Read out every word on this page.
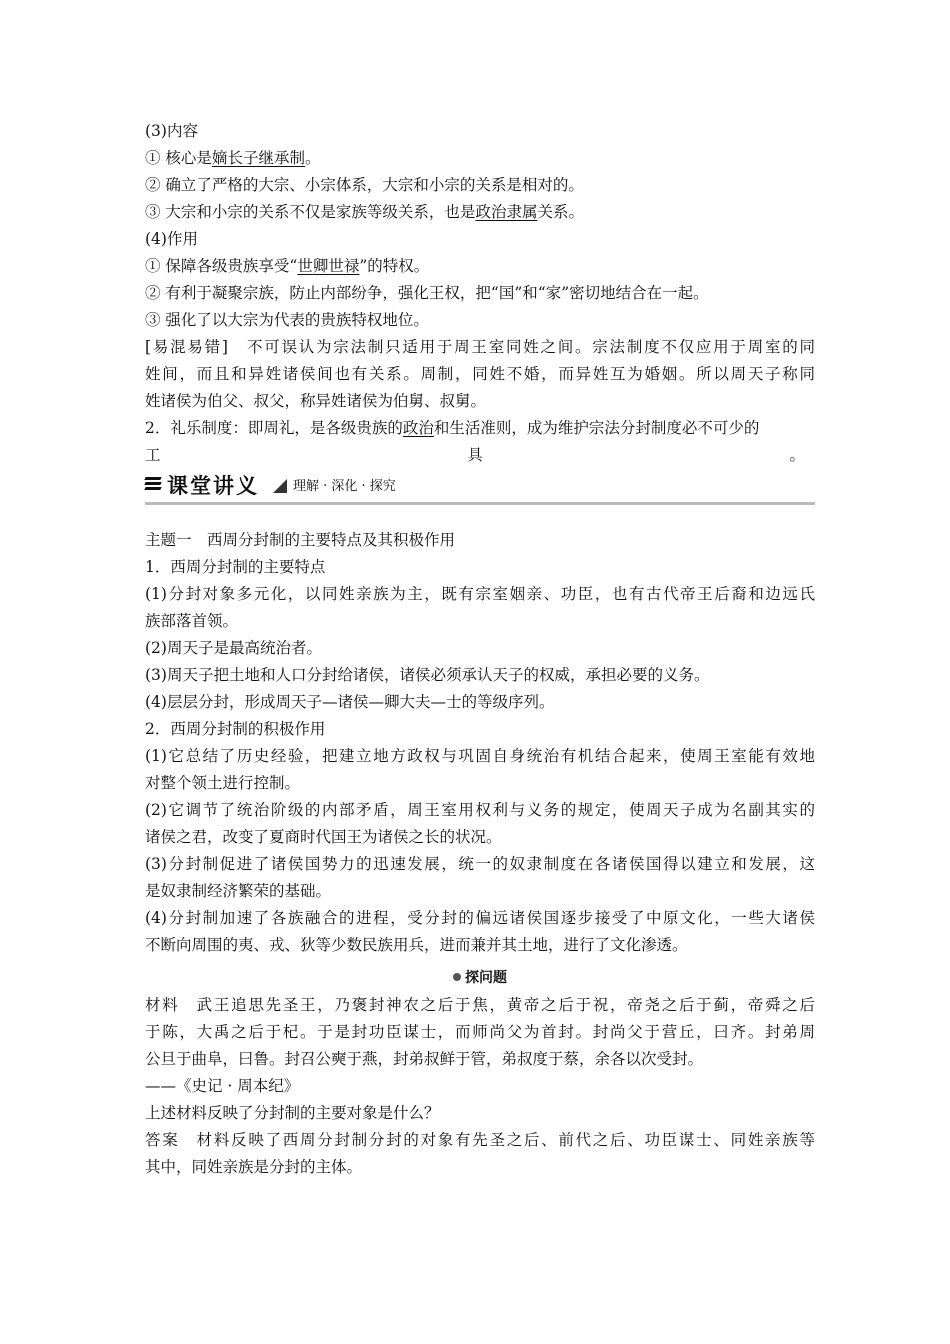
(3)内容
① 核心是嫡长子继承制。
② 确立了严格的大宗、小宗体系，大宗和小宗的关系是相对的。
③ 大宗和小宗的关系不仅是家族等级关系，也是政治隶属关系。
(4)作用
① 保障各级贵族享受“世卿世禄”的特权。
② 有利于凝聚宗族，防止内部纷争，强化王权，把“国”和“家”密切地结合在一起。
③ 强化了以大宗为代表的贵族特权地位。
[易混易错]　不可误认为宗法制只适用于周王室同姓之间。宗法制度不仅应用于周室的同
姓间，而且和异姓诸侯间也有关系。周制，同姓不婚，而异姓互为婚姻。所以周天子称同
姓诸侯为伯父、叔父，称异姓诸侯为伯舅、叔舅。
2．礼乐制度：即周礼，是各级贵族的政治和生活准则，成为维护宗法分封制度必不可少的
工	具	。
课堂讲义	理解 · 深化 · 探究
主题一　西周分封制的主要特点及其积极作用
1．西周分封制的主要特点
(1)分封对象多元化，以同姓亲族为主，既有宗室姻亲、功臣，也有古代帝王后裔和边远氏
族部落首领。
(2)周天子是最高统治者。
(3)周天子把土地和人口分封给诸侯，诸侯必须承认天子的权威，承担必要的义务。
(4)层层分封，形成周天子—诸侯—卿大夫—士的等级序列。
2．西周分封制的积极作用
(1)它总结了历史经验，把建立地方政权与巩固自身统治有机结合起来，使周王室能有效地
对整个领土进行控制。
(2)它调节了统治阶级的内部矛盾，周王室用权利与义务的规定，使周天子成为名副其实的
诸侯之君，改变了夏商时代国王为诸侯之长的状况。
(3)分封制促进了诸侯国势力的迅速发展，统一的奴隶制度在各诸侯国得以建立和发展，这
是奴隶制经济繁荣的基础。
(4)分封制加速了各族融合的进程，受分封的偏远诸侯国逐步接受了中原文化，一些大诸侯
不断向周围的夷、戎、狄等少数民族用兵，进而兼并其土地，进行了文化渗透。
探问题
材料　武王追思先圣王，乃褒封神农之后于焦，黄帝之后于祝，帝尧之后于蓟，帝舜之后
于陈，大禹之后于杞。于是封功臣谋士，而师尚父为首封。封尚父于营丘，曰齐。封弟周
公旦于曲阜，曰鲁。封召公奭于燕，封弟叔鲜于管，弟叔度于蔡，余各以次受封。
——《史记 · 周本纪》
上述材料反映了分封制的主要对象是什么？
答案　材料反映了西周分封制分封的对象有先圣之后、前代之后、功臣谋士、同姓亲族等
其中，同姓亲族是分封的主体。
